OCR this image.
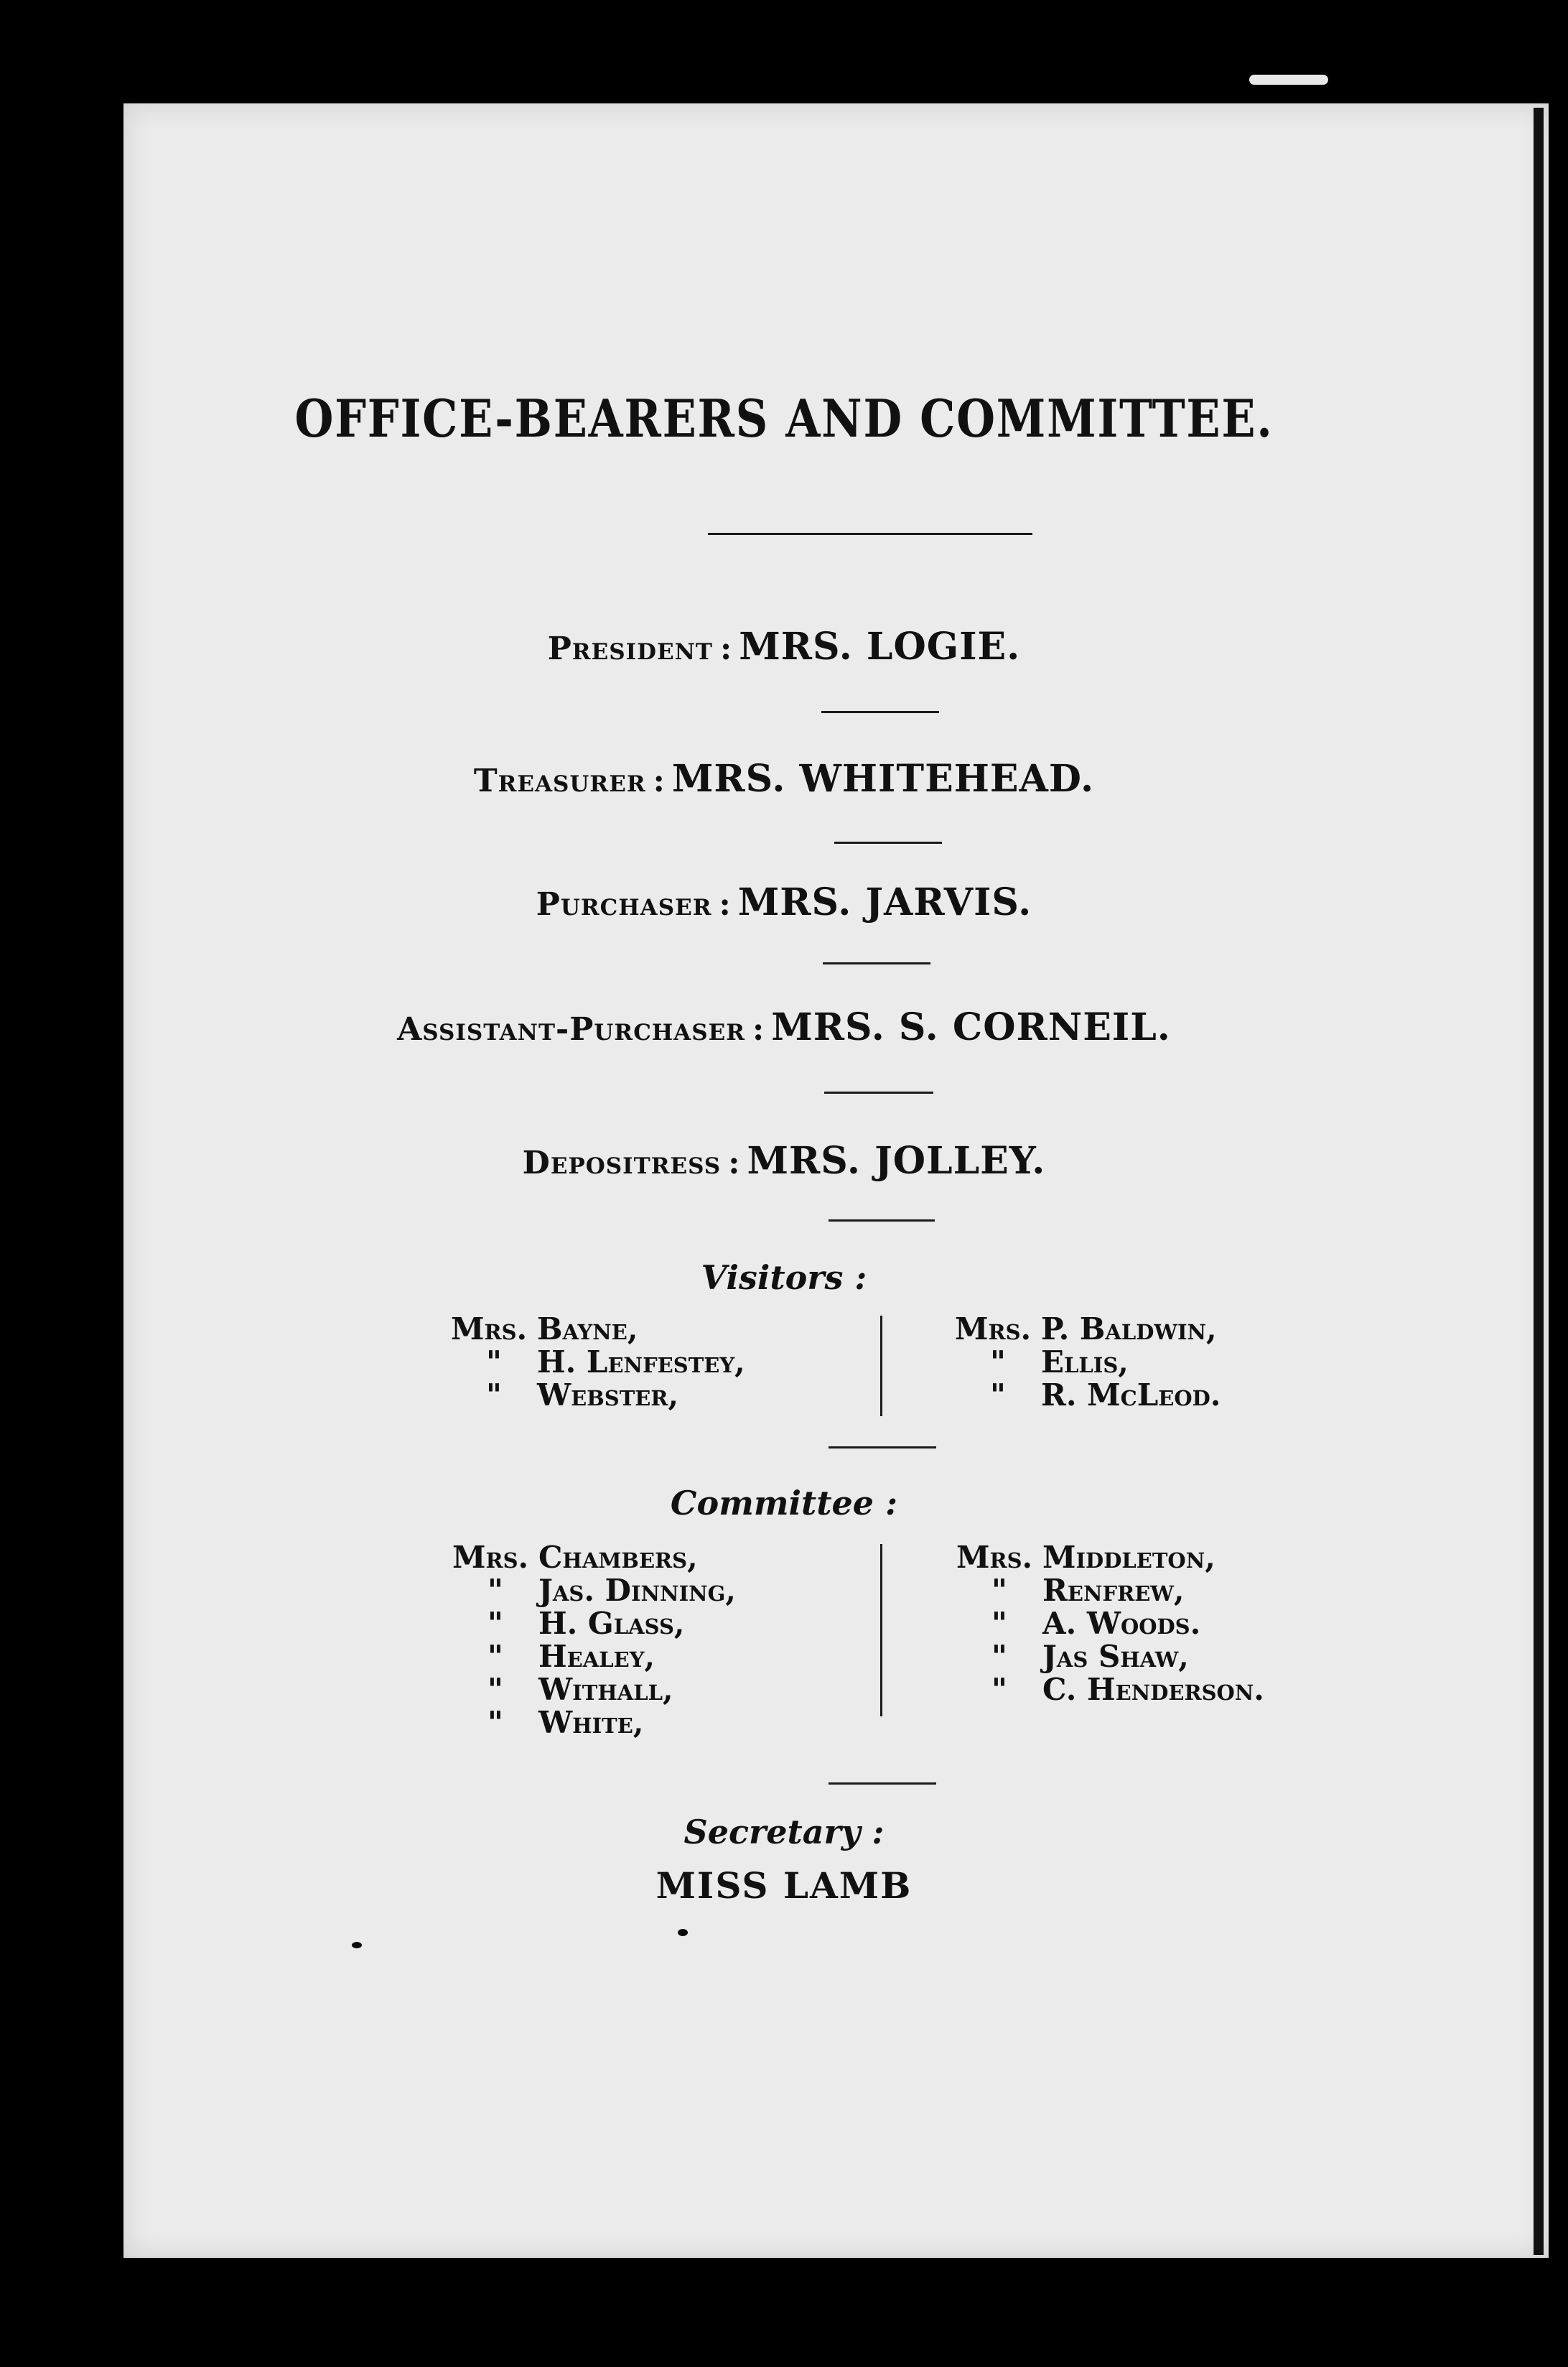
OFFICE-BEARERS AND COMMITTEE.
President : MRS. LOGIE.
Treasurer : MRS. WHITEHEAD.
Purchaser : MRS. JARVIS.
Assistant-Purchaser : MRS. S. CORNEIL.
Depositress : MRS. JOLLEY.
Visitors :
Mrs. Bayne,
" H. Lenfestey,
" Webster,
Mrs. P. Baldwin,
" Ellis,
" R. McLeod.
Committee :
Mrs. Chambers,
" Jas. Dinning,
" H. Glass,
" Healey,
" Withall,
" White,
Mrs. Middleton,
" Renfrew,
" A. Woods.
" Jas Shaw,
" C. Henderson.
Secretary :
MISS LAMB
